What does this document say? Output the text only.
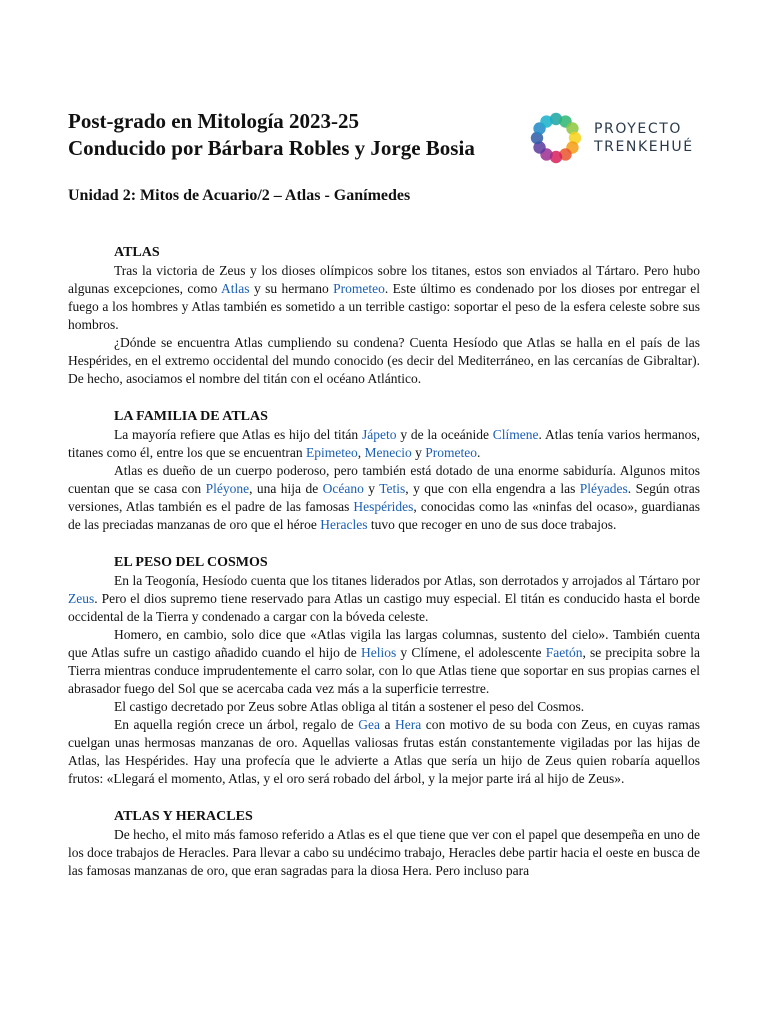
Post-grado en Mitología 2023-25
Conducido por Bárbara Robles y Jorge Bosia
PROYECTO
TRENKEHUÉ
Unidad 2: Mitos de Acuario/2 – Atlas - Ganímedes
ATLAS

Tras la victoria de Zeus y los dioses olímpicos sobre los titanes, estos son enviados al Tártaro. Pero hubo algunas excepciones, como Atlas y su hermano Prometeo. Este último es condenado por los dioses por entregar el fuego a los hombres y Atlas también es sometido a un terrible castigo: soportar el peso de la esfera celeste sobre sus hombros.

¿Dónde se encuentra Atlas cumpliendo su condena? Cuenta Hesíodo que Atlas se halla en el país de las Hespérides, en el extremo occidental del mundo conocido (es decir del Mediterráneo, en las cercanías de Gibraltar). De hecho, asociamos el nombre del titán con el océano Atlántico.

LA FAMILIA DE ATLAS

La mayoría refiere que Atlas es hijo del titán Jápeto y de la oceánide Clímene. Atlas tenía varios hermanos, titanes como él, entre los que se encuentran Epimeteo, Menecio y Prometeo.

Atlas es dueño de un cuerpo poderoso, pero también está dotado de una enorme sabiduría. Algunos mitos cuentan que se casa con Pléyone, una hija de Océano y Tetis, y que con ella engendra a las Pléyades. Según otras versiones, Atlas también es el padre de las famosas Hespérides, conocidas como las «ninfas del ocaso», guardianas de las preciadas manzanas de oro que el héroe Heracles tuvo que recoger en uno de sus doce trabajos.

EL PESO DEL COSMOS

En la Teogonía, Hesíodo cuenta que los titanes liderados por Atlas, son derrotados y arrojados al Tártaro por Zeus. Pero el dios supremo tiene reservado para Atlas un castigo muy especial. El titán es conducido hasta el borde occidental de la Tierra y condenado a cargar con la bóveda celeste.

Homero, en cambio, solo dice que «Atlas vigila las largas columnas, sustento del cielo». También cuenta que Atlas sufre un castigo añadido cuando el hijo de Helios y Clímene, el adolescente Faetón, se precipita sobre la Tierra mientras conduce imprudentemente el carro solar, con lo que Atlas tiene que soportar en sus propias carnes el abrasador fuego del Sol que se acercaba cada vez más a la superficie terrestre.

El castigo decretado por Zeus sobre Atlas obliga al titán a sostener el peso del Cosmos.

En aquella región crece un árbol, regalo de Gea a Hera con motivo de su boda con Zeus, en cuyas ramas cuelgan unas hermosas manzanas de oro. Aquellas valiosas frutas están constantemente vigiladas por las hijas de Atlas, las Hespérides. Hay una profecía que le advierte a Atlas que sería un hijo de Zeus quien robaría aquellos frutos: «Llegará el momento, Atlas, y el oro será robado del árbol, y la mejor parte irá al hijo de Zeus».

ATLAS Y HERACLES

De hecho, el mito más famoso referido a Atlas es el que tiene que ver con el papel que desempeña en uno de los doce trabajos de Heracles. Para llevar a cabo su undécimo trabajo, Heracles debe partir hacia el oeste en busca de las famosas manzanas de oro, que eran sagradas para la diosa Hera. Pero incluso para
